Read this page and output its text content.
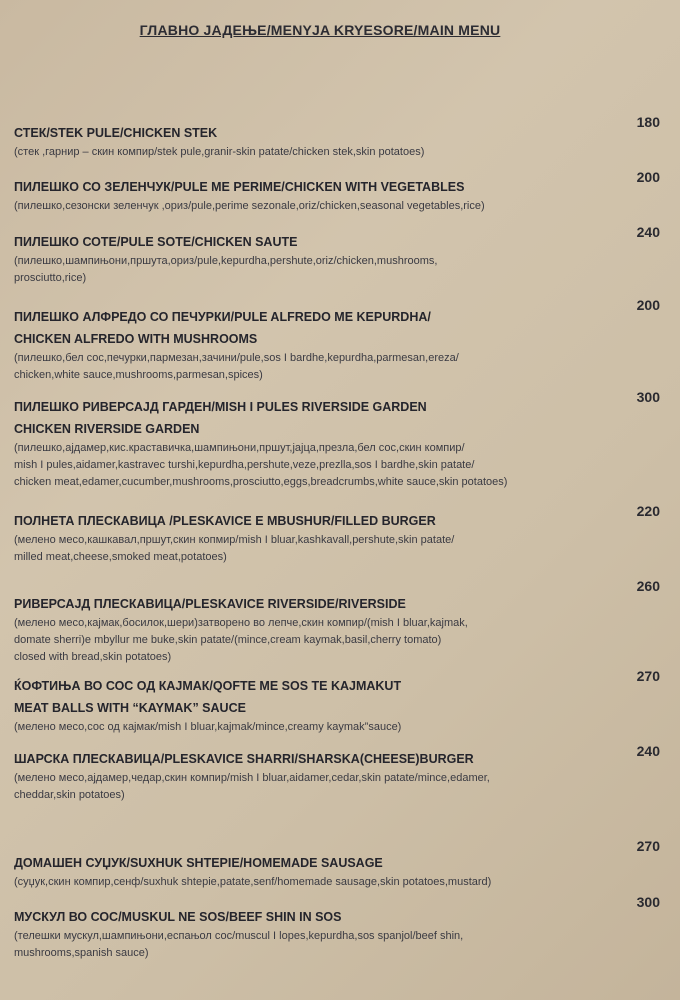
ГЛАВНО ЈАДЕЊЕ/MENYJA KRYESORE/MAIN MENU
СТЕК/STEK PULE/CHICKEN STEK
(стек ,гарнир – скин компир/stek pule,granir-skin patate/chicken stek,skin potatoes)
180
ПИЛЕШКО СО ЗЕЛЕНЧУК/PULE ME PERIME/CHICKEN WITH VEGETABLES
(пилешко,сезонски зеленчук ,ориз/pule,perime sezonale,oriz/chicken,seasonal vegetables,rice)
200
ПИЛЕШКО СОТЕ/PULE SOTE/CHICKEN SAUTE
(пилешко,шампињони,пршута,ориз/pule,kepurdha,pershute,oriz/chicken,mushrooms,
prosciutto,rice)
240
ПИЛЕШКО АЛФРЕДО СО ПЕЧУРКИ/PULE ALFREDO ME KEPURDHA/
CHICKEN ALFREDO WITH MUSHROOMS
(пилешко,бел сос,печурки,пармезан,зачини/pule,sos I bardhe,kepurdha,parmesan,ereza/
chicken,white sauce,mushrooms,parmesan,spices)
200
ПИЛЕШКО РИВЕРСАЈД ГАРДЕН/MISH I PULES RIVERSIDE GARDEN
CHICKEN RIVERSIDE GARDEN
(пилешко,ајдамер,кис.краставичка,шампињони,пршут,јајца,презла,бел сос,скин компир/
mish I pules,aidamer,kastravec turshi,kepurdha,pershute,veze,prezlla,sos I bardhe,skin patate/
chicken meat,edamer,cucumber,mushrooms,prosciutto,eggs,breadcrumbs,white sauce,skin potatoes)
300
ПОЛНЕТА ПЛЕСКАВИЦА /PLESKAVICE E MBUSHUR/FILLED BURGER
(мелено месо,кашкавал,пршут,скин копмир/mish I bluar,kashkavall,pershute,skin patate/
milled meat,cheese,smoked meat,potatoes)
220
РИВЕРСАЈД ПЛЕСКАВИЦА/PLESKAVICE RIVERSIDE/RIVERSIDE
(мелено месо,кајмак,босилок,шери)затворено во лепче,скин компир/(mish I bluar,kajmak,
domate sherri)e mbyllur me buke,skin patate/(mince,cream kaymak,basil,cherry tomato)
closed with bread,skin potatoes)
260
ЌОФТИЊА ВО СОС ОД КАЈМАК/QOFTE ME SOS TE KAJMAKUT
MEAT BALLS WITH “KAYMAK” SAUCE
(мелено месо,сос од кајмак/mish I bluar,kajmak/mince,creamy kaymak”sauce)
270
ШАРСКА ПЛЕСКАВИЦА/PLESKAVICE SHARRI/SHARSKA(CHEESE)BURGER
(мелено месо,ајдамер,чедар,скин компир/mish I bluar,aidamer,cedar,skin patate/mince,edamer,
cheddar,skin potatoes)
240
ДОМАШЕН СУЏУК/SUXHUK SHTEPIE/HOMEMADE SAUSAGE
(суџук,скин компир,сенф/suxhuk shtepie,patate,senf/homemade sausage,skin potatoes,mustard)
270
МУСКУЛ ВО СОС/MUSKUL NE SOS/BEEF SHIN IN SOS
(телешки мускул,шампињони,еспањол сос/muscul I lopes,kepurdha,sos spanjol/beef shin,
mushrooms,spanish sauce)
300
